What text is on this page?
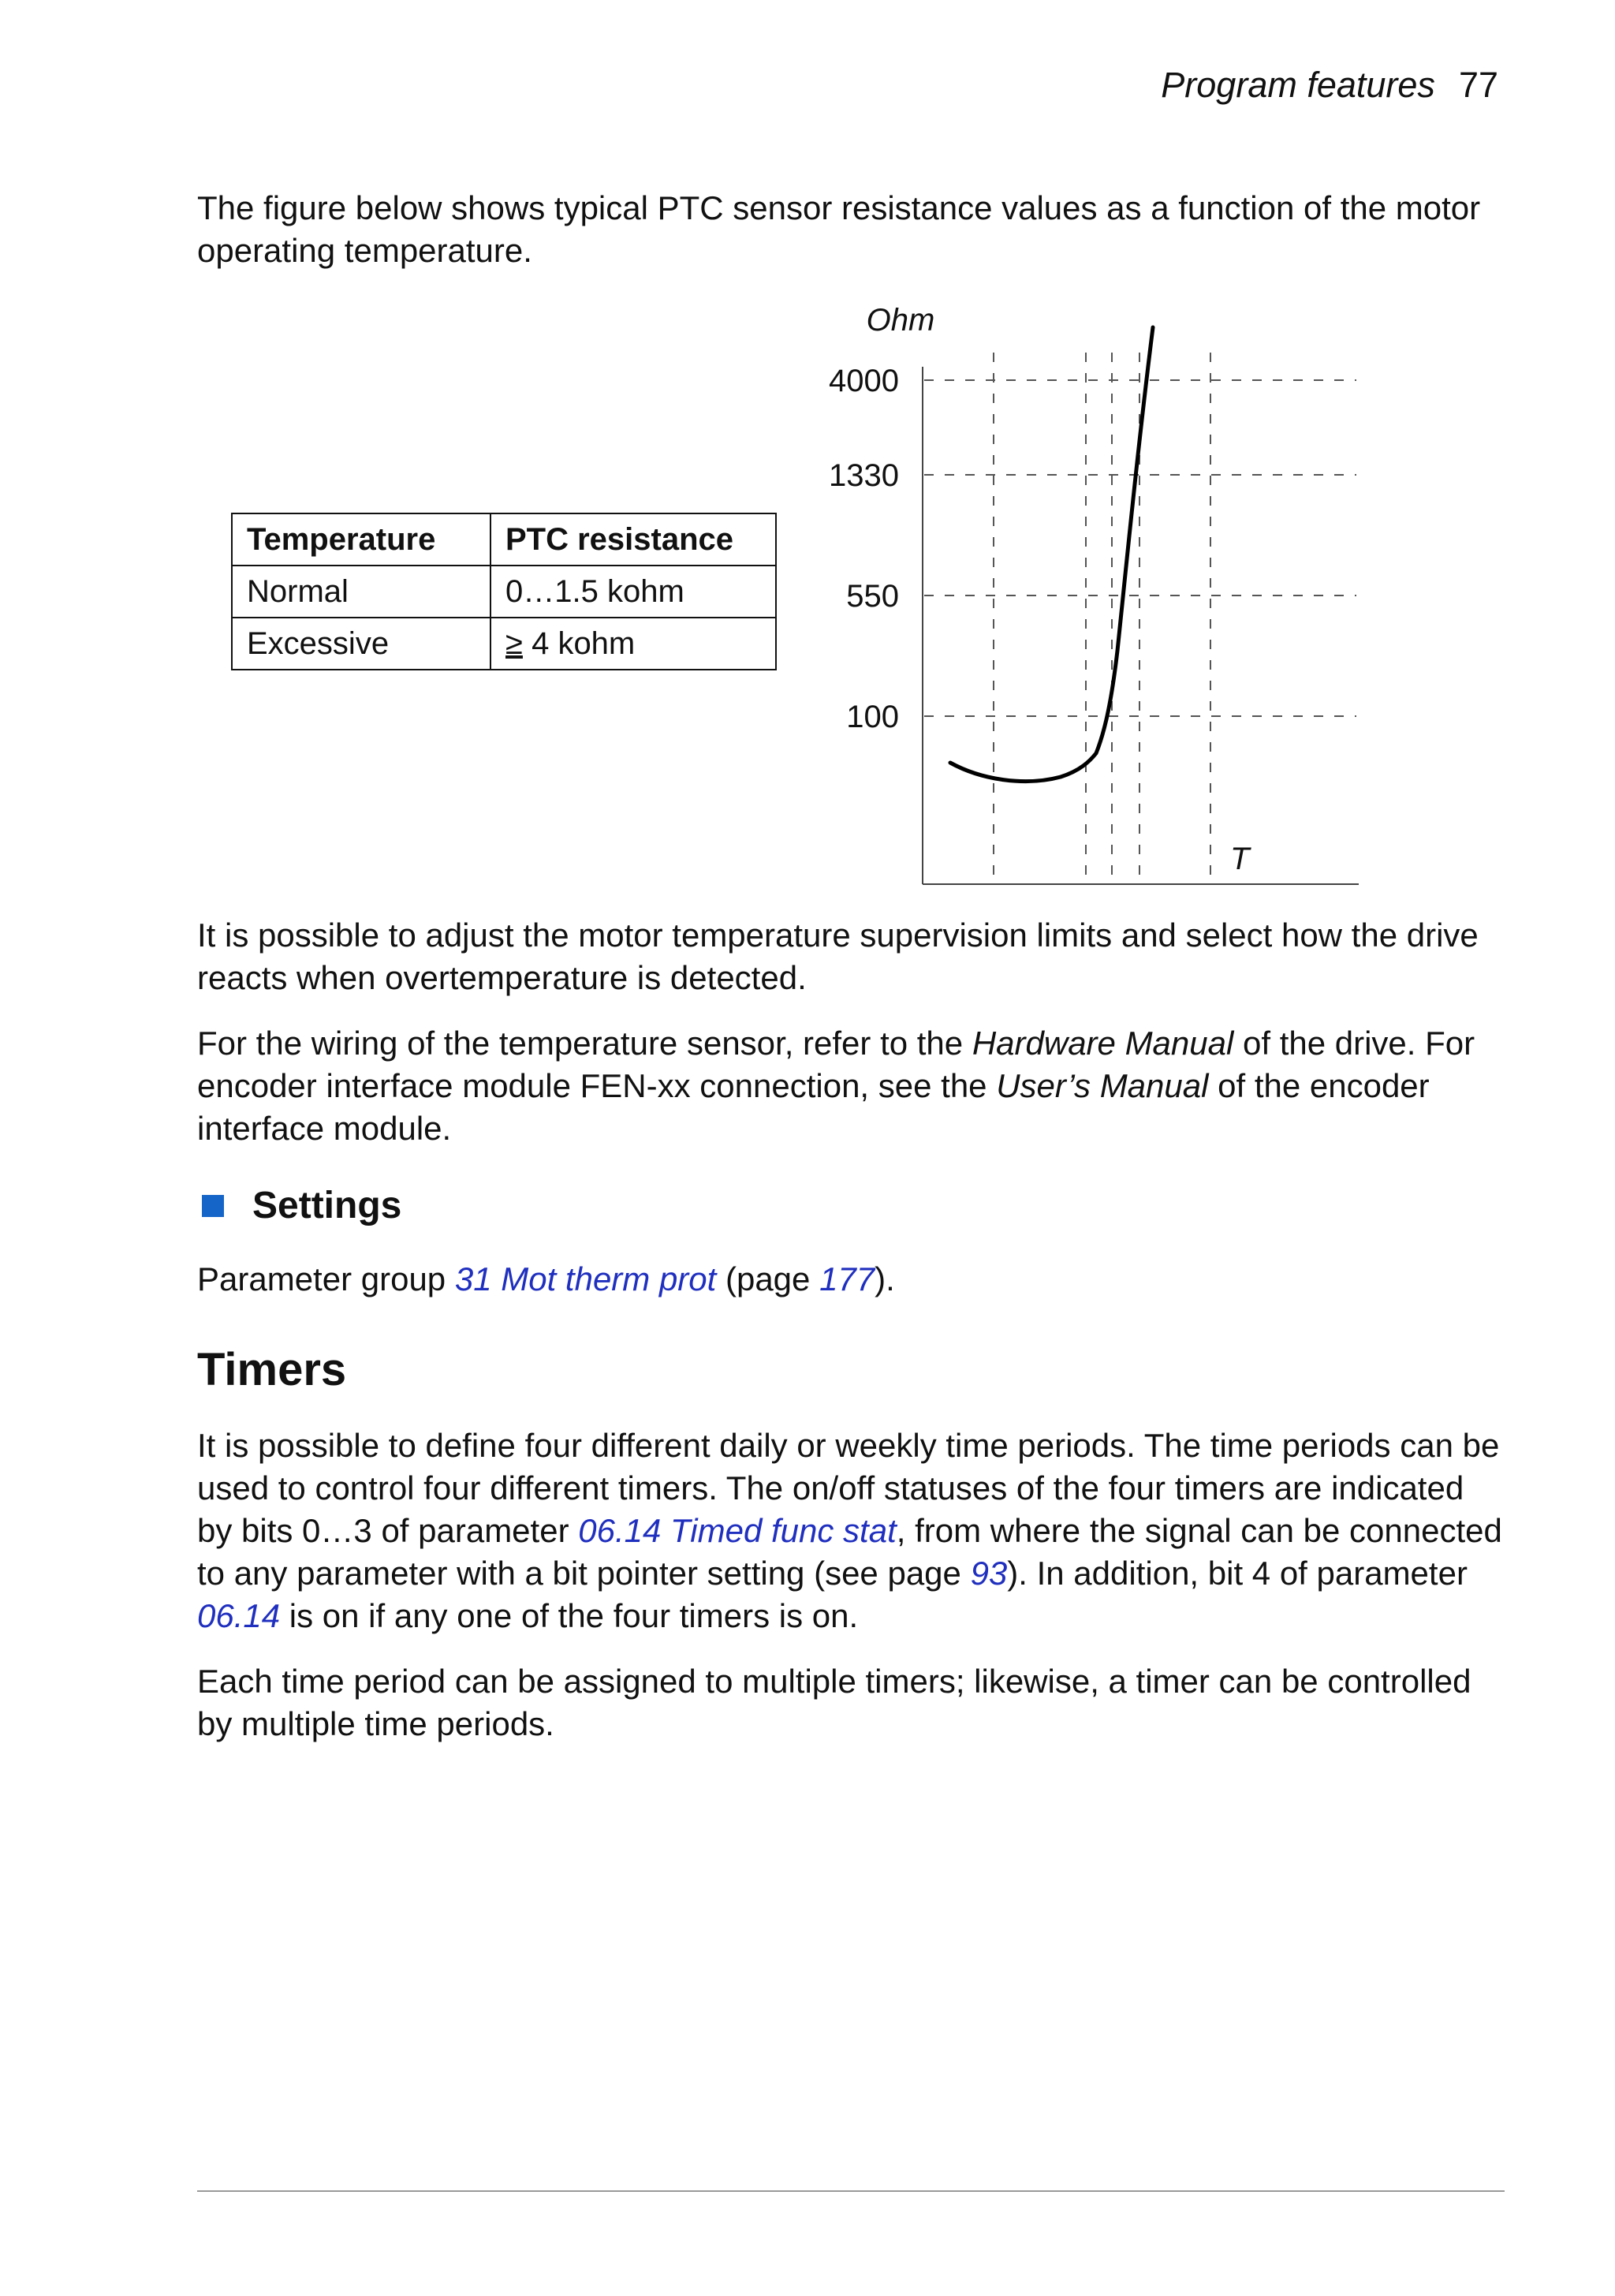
Program features 77

The figure below shows typical PTC sensor resistance values as a function of the motor operating temperature.

Temperature	PTC resistance
Normal	0…1.5 kohm
Excessive	≥ 4 kohm
Ohm
4000
1330
550
100
T

It is possible to adjust the motor temperature supervision limits and select how the drive reacts when overtemperature is detected.

For the wiring of the temperature sensor, refer to the Hardware Manual of the drive. For encoder interface module FEN-xx connection, see the User’s Manual of the encoder interface module.

Settings

Parameter group 31 Mot therm prot (page 177).

Timers

It is possible to define four different daily or weekly time periods. The time periods can be used to control four different timers. The on/off statuses of the four timers are indicated by bits 0…3 of parameter 06.14 Timed func stat, from where the signal can be connected to any parameter with a bit pointer setting (see page 93). In addition, bit 4 of parameter 06.14 is on if any one of the four timers is on.

Each time period can be assigned to multiple timers; likewise, a timer can be controlled by multiple time periods.
